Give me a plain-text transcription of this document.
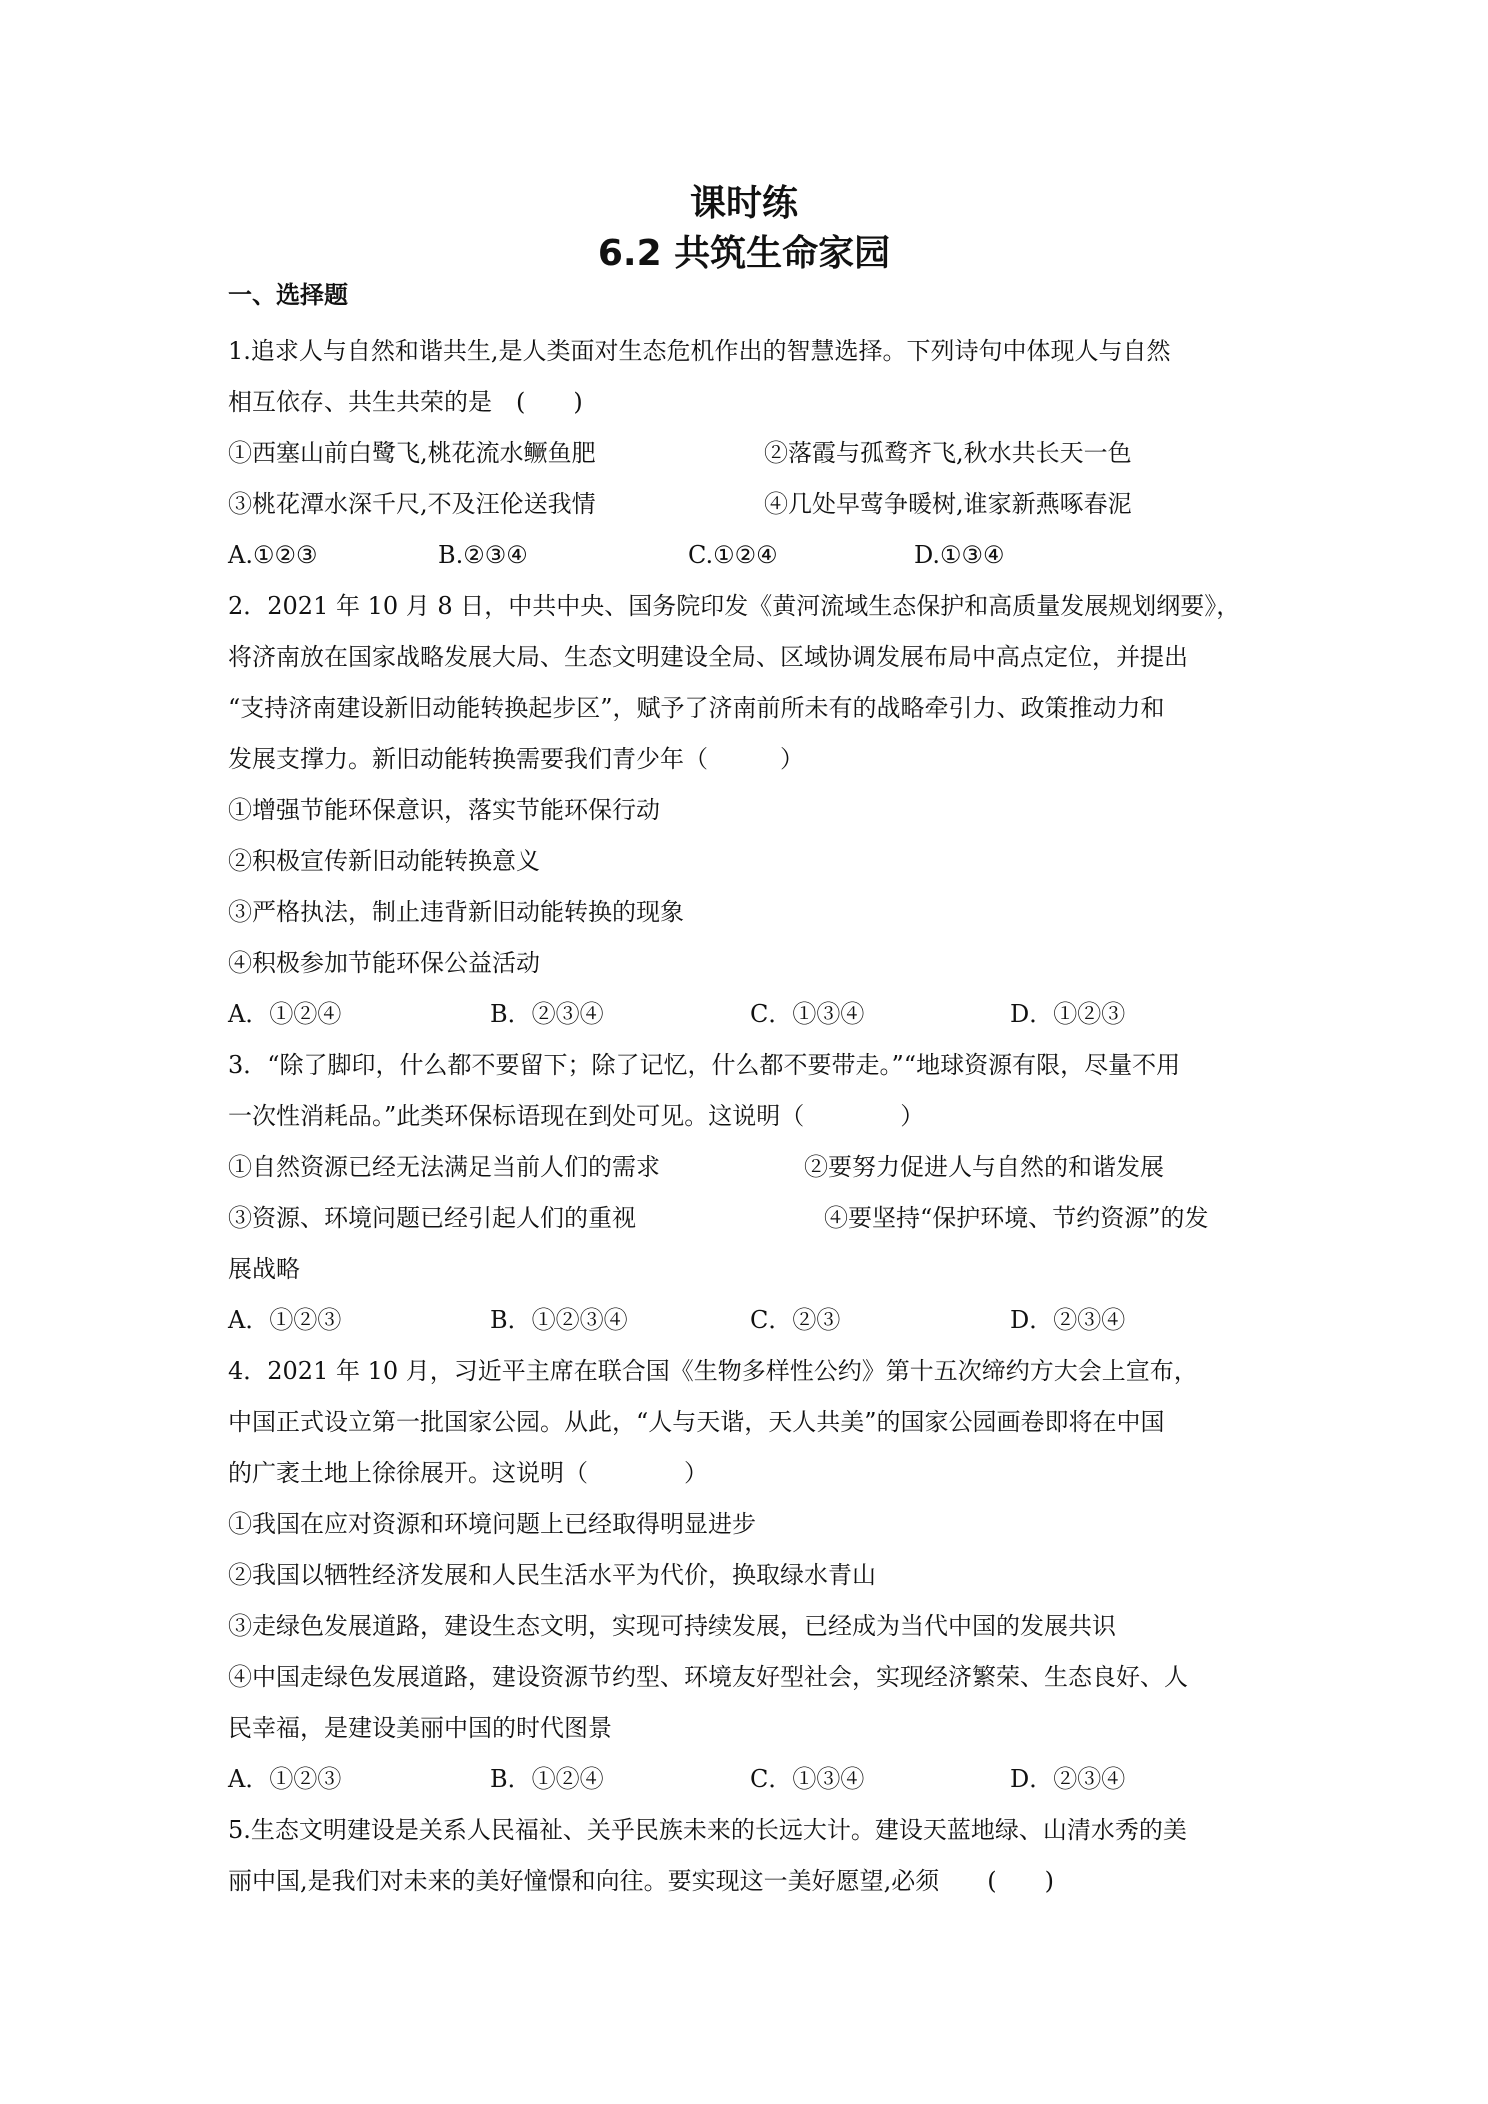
课时练
6.2 共筑生命家园
一、选择题
1.追求人与自然和谐共生,是人类面对生态危机作出的智慧选择。下列诗句中体现人与自然
相互依存、共生共荣的是　(　　)
①西塞山前白鹭飞,桃花流水鳜鱼肥	②落霞与孤鹜齐飞,秋水共长天一色
③桃花潭水深千尺,不及汪伦送我情	④几处早莺争暖树,谁家新燕啄春泥
A.①②③	B.②③④	C.①②④	D.①③④
2．2021 年 10 月 8 日，中共中央、国务院印发《黄河流域生态保护和高质量发展规划纲要》，
将济南放在国家战略发展大局、生态文明建设全局、区域协调发展布局中高点定位，并提出
“支持济南建设新旧动能转换起步区”，赋予了济南前所未有的战略牵引力、政策推动力和
发展支撑力。新旧动能转换需要我们青少年（　　　）
①增强节能环保意识，落实节能环保行动
②积极宣传新旧动能转换意义
③严格执法，制止违背新旧动能转换的现象
④积极参加节能环保公益活动
A．①②④	B．②③④	C．①③④	D．①②③
3．“除了脚印，什么都不要留下；除了记忆，什么都不要带走。”“地球资源有限，尽量不用
一次性消耗品。”此类环保标语现在到处可见。这说明（　　　　）
①自然资源已经无法满足当前人们的需求	②要努力促进人与自然的和谐发展
③资源、环境问题已经引起人们的重视	④要坚持“保护环境、节约资源”的发
展战略
A．①②③	B．①②③④	C．②③	D．②③④
4．2021 年 10 月，习近平主席在联合国《生物多样性公约》第十五次缔约方大会上宣布，
中国正式设立第一批国家公园。从此，“人与天谐，天人共美”的国家公园画卷即将在中国
的广袤土地上徐徐展开。这说明（　　　　）
①我国在应对资源和环境问题上已经取得明显进步
②我国以牺牲经济发展和人民生活水平为代价，换取绿水青山
③走绿色发展道路，建设生态文明，实现可持续发展，已经成为当代中国的发展共识
④中国走绿色发展道路，建设资源节约型、环境友好型社会，实现经济繁荣、生态良好、人
民幸福，是建设美丽中国的时代图景
A．①②③	B．①②④	C．①③④	D．②③④
5.生态文明建设是关系人民福祉、关乎民族未来的长远大计。建设天蓝地绿、山清水秀的美
丽中国,是我们对未来的美好憧憬和向往。要实现这一美好愿望,必须　　(　　)
